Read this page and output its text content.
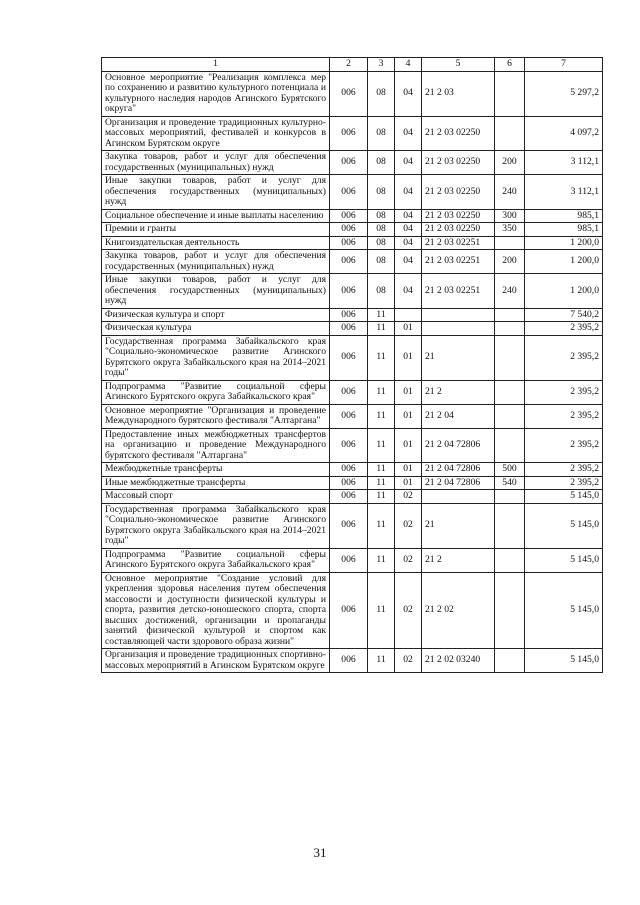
1	2	3	4	5	6	7
Основное мероприятие "Реализация комплекса мер по сохранению и развитию культурного потенциала и культурного наследия народов Агинского Бурятского округа"	006	08	04	21 2 03		5 297,2
Организация и проведение традиционных культурно-массовых мероприятий, фестивалей и конкурсов в Агинском Бурятском округе	006	08	04	21 2 03 02250		4 097,2
Закупка товаров, работ и услуг для обеспечения государственных (муниципальных) нужд	006	08	04	21 2 03 02250	200	3 112,1
Иные закупки товаров, работ и услуг для обеспечения государственных (муниципальных) нужд	006	08	04	21 2 03 02250	240	3 112,1
Социальное обеспечение и иные выплаты населению	006	08	04	21 2 03 02250	300	985,1
Премии и гранты	006	08	04	21 2 03 02250	350	985,1
Книгоиздательская деятельность	006	08	04	21 2 03 02251		1 200,0
Закупка товаров, работ и услуг для обеспечения государственных (муниципальных) нужд	006	08	04	21 2 03 02251	200	1 200,0
Иные закупки товаров, работ и услуг для обеспечения государственных (муниципальных) нужд	006	08	04	21 2 03 02251	240	1 200,0
Физическая культура и спорт	006	11				7 540,2
Физическая культура	006	11	01			2 395,2
Государственная программа Забайкальского края "Социально-экономическое развитие Агинского Бурятского округа Забайкальского края на 2014–2021 годы"	006	11	01	21		2 395,2
Подпрограмма "Развитие социальной сферы Агинского Бурятского округа Забайкальского края"	006	11	01	21 2		2 395,2
Основное мероприятие "Организация и проведение Международного бурятского фестиваля "Алтаргана"	006	11	01	21 2 04		2 395,2
Предоставление иных межбюджетных трансфертов на организацию и проведение Международного бурятского фестиваля "Алтаргана"	006	11	01	21 2 04 72806		2 395,2
Межбюджетные трансферты	006	11	01	21 2 04 72806	500	2 395,2
Иные межбюджетные трансферты	006	11	01	21 2 04 72806	540	2 395,2
Массовый спорт	006	11	02			5 145,0
Государственная программа Забайкальского края "Социально-экономическое развитие Агинского Бурятского округа Забайкальского края на 2014–2021 годы"	006	11	02	21		5 145,0
Подпрограмма "Развитие социальной сферы Агинского Бурятского округа Забайкальского края"	006	11	02	21 2		5 145,0
Основное мероприятие "Создание условий для укрепления здоровья населения путем обеспечения массовости и доступности физической культуры и спорта, развития детско-юношеского спорта, спорта высших достижений, организации и пропаганды занятий физической культурой и спортом как составляющей части здорового образа жизни"	006	11	02	21 2 02		5 145,0
Организация и проведение традиционных спортивно-массовых мероприятий в Агинском Бурятском округе	006	11	02	21 2 02 03240		5 145,0
31
